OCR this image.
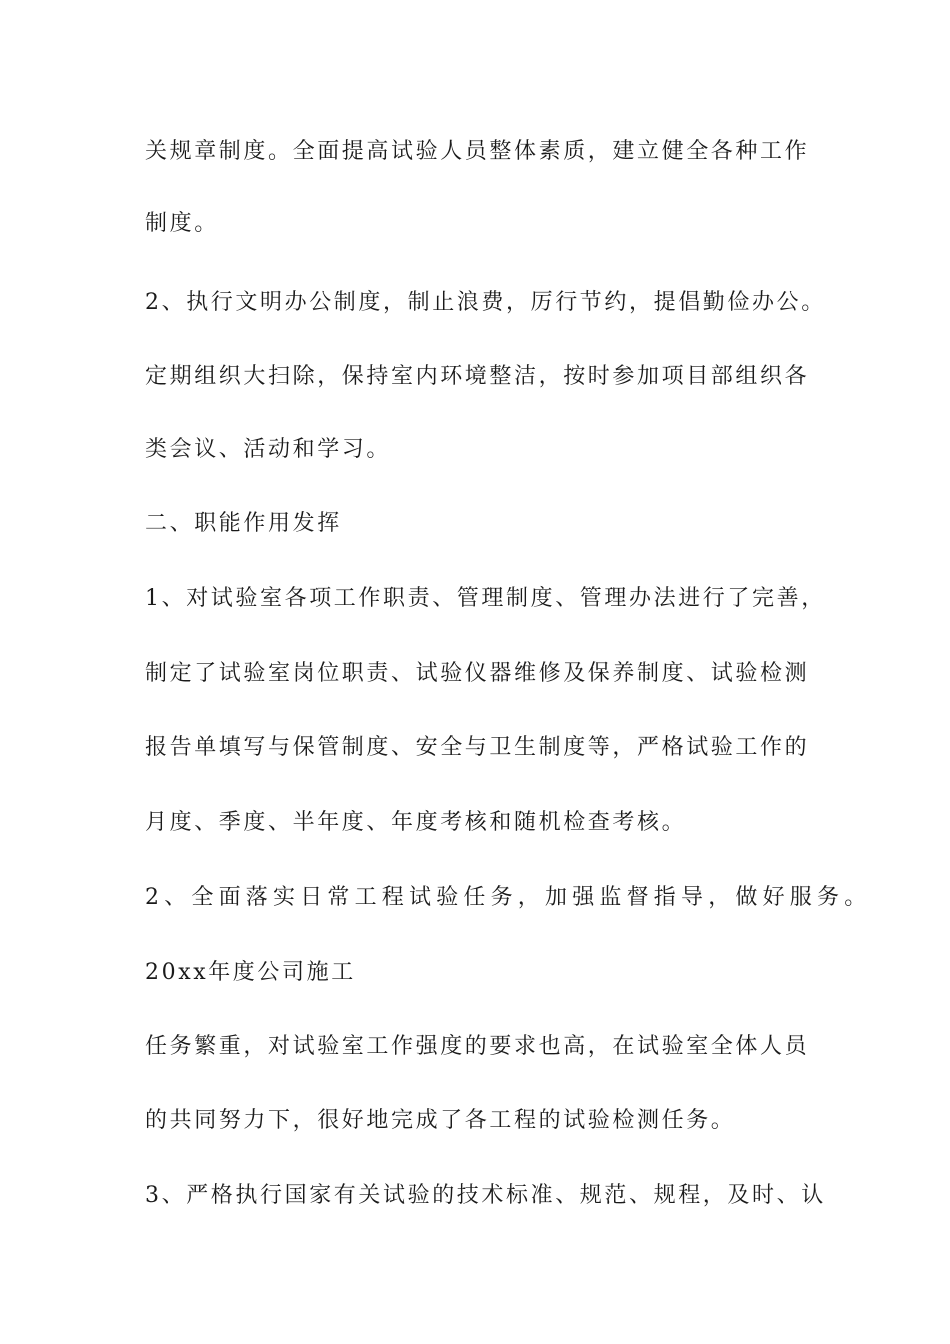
关规章制度。全面提高试验人员整体素质，建立健全各种工作
制度。
2、执行文明办公制度，制止浪费，厉行节约，提倡勤俭办公。
定期组织大扫除，保持室内环境整洁，按时参加项目部组织各
类会议、活动和学习。
二、职能作用发挥
1、对试验室各项工作职责、管理制度、管理办法进行了完善，
制定了试验室岗位职责、试验仪器维修及保养制度、试验检测
报告单填写与保管制度、安全与卫生制度等，严格试验工作的
月度、季度、半年度、年度考核和随机检查考核。
2、全面落实日常工程试验任务，加强监督指导，做好服务。
20xx年度公司施工
任务繁重，对试验室工作强度的要求也高，在试验室全体人员
的共同努力下，很好地完成了各工程的试验检测任务。
3、严格执行国家有关试验的技术标准、规范、规程，及时、认
